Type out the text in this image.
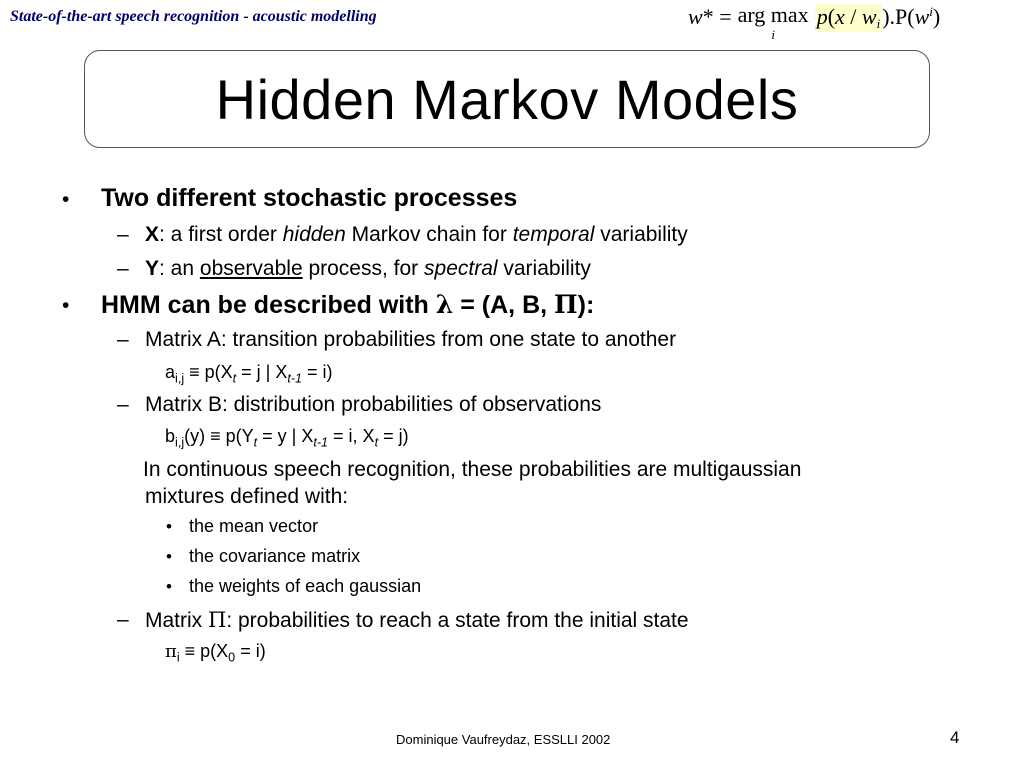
State-of-the-art speech recognition - acoustic modelling	w * = arg max
i
$p(x / w_i$ ).P( $w^i$ )
Hidden Markov Models
• Two different stochastic processes
– X: a first order hidden Markov chain for temporal variability
– Y: an observable process, for spectral variability
• HMM can be described with λ = (A, B, Π):
– Matrix A: transition probabilities from one state to another
$a_{i,j} \equiv p(X_t = j$ | $X_{t-1} = i$)
– Matrix B: distribution probabilities of observations
$b_{i,j}(y) \equiv p(Y_t = y$ | $X_{t-1} = i$, $X_t = j$)
In continuous speech recognition, these probabilities are multigaussian
mixtures defined with:
• the mean vector
• the covariance matrix
• the weights of each gaussian
– Matrix Π: probabilities to reach a state from the initial state
$\pi_i \equiv p(X_0 = i)$
Dominique Vaufreydaz, ESSLLI 2002	4
